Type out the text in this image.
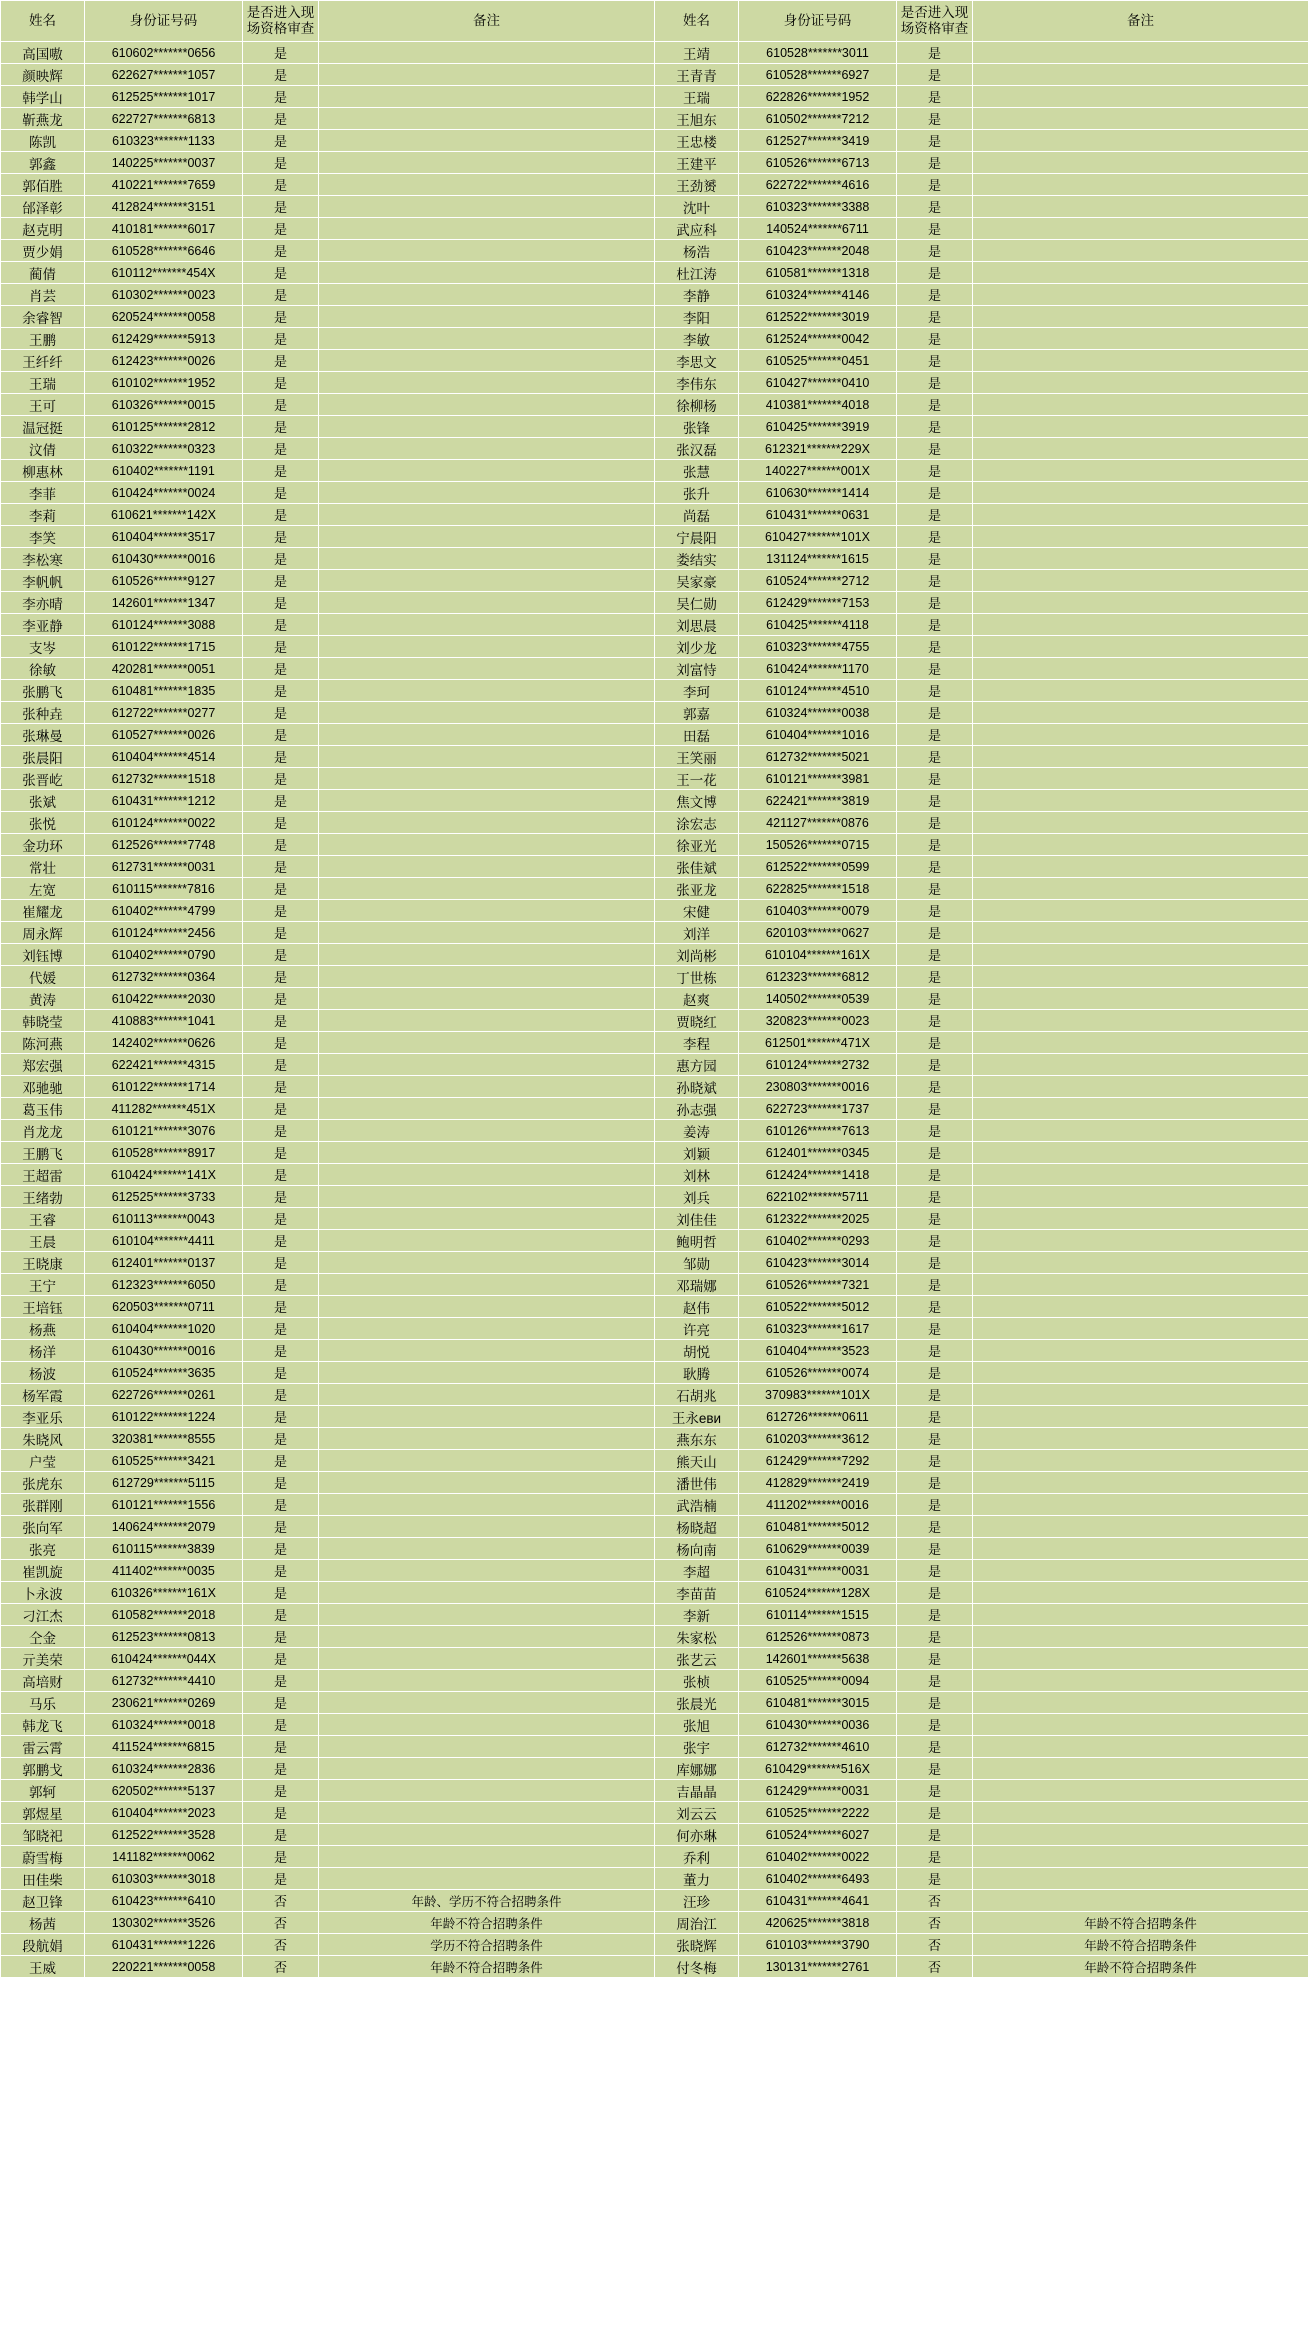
姓名	身份证号码	是否进入现场资格审查	备注	姓名	身份证号码	是否进入现场资格审查	备注
高国嗷	610602*******0656	是		王靖	610528*******3011	是	
颜映辉	622627*******1057	是		王青青	610528*******6927	是	
韩学山	612525*******1017	是		王瑞	622826*******1952	是	
靳燕龙	622727*******6813	是		王旭东	610502*******7212	是	
陈凯	610323*******1133	是		王忠楼	612527*******3419	是	
郭鑫	140225*******0037	是		王建平	610526*******6713	是	
郭佰胜	410221*******7659	是		王劲赟	622722*******4616	是	
邰泽彰	412824*******3151	是		沈叶	610323*******3388	是	
赵克明	410181*******6017	是		武应科	140524*******6711	是	
贾少娟	610528*******6646	是		杨浩	610423*******2048	是	
蔺倩	610112*******454X	是		杜江涛	610581*******1318	是	
肖芸	610302*******0023	是		李静	610324*******4146	是	
余睿智	620524*******0058	是		李阳	612522*******3019	是	
王鹏	612429*******5913	是		李敏	612524*******0042	是	
王纤纤	612423*******0026	是		李思文	610525*******0451	是	
王瑞	610102*******1952	是		李伟东	610427*******0410	是	
王可	610326*******0015	是		徐柳杨	410381*******4018	是	
温冠挺	610125*******2812	是		张锋	610425*******3919	是	
汶倩	610322*******0323	是		张汉磊	612321*******229X	是	
柳惠林	610402*******1191	是		张慧	140227*******001X	是	
李菲	610424*******0024	是		张升	610630*******1414	是	
李莉	610621*******142X	是		尚磊	610431*******0631	是	
李笑	610404*******3517	是		宁晨阳	610427*******101X	是	
李松寒	610430*******0016	是		娄结实	131124*******1615	是	
李帆帆	610526*******9127	是		吴家豪	610524*******2712	是	
李亦晴	142601*******1347	是		吴仁勋	612429*******7153	是	
李亚静	610124*******3088	是		刘思晨	610425*******4118	是	
支岑	610122*******1715	是		刘少龙	610323*******4755	是	
徐敏	420281*******0051	是		刘富恃	610424*******1170	是	
张鹏飞	610481*******1835	是		李珂	610124*******4510	是	
张种垚	612722*******0277	是		郭嘉	610324*******0038	是	
张琳曼	610527*******0026	是		田磊	610404*******1016	是	
张晨阳	610404*******4514	是		王笑丽	612732*******5021	是	
张晋屹	612732*******1518	是		王一花	610121*******3981	是	
张斌	610431*******1212	是		焦文博	622421*******3819	是	
张悦	610124*******0022	是		涂宏志	421127*******0876	是	
金功环	612526*******7748	是		徐亚光	150526*******0715	是	
常壮	612731*******0031	是		张佳斌	612522*******0599	是	
左宽	610115*******7816	是		张亚龙	622825*******1518	是	
崔耀龙	610402*******4799	是		宋健	610403*******0079	是	
周永辉	610124*******2456	是		刘洋	620103*******0627	是	
刘钰博	610402*******0790	是		刘尚彬	610104*******161X	是	
代媛	612732*******0364	是		丁世栋	612323*******6812	是	
黄涛	610422*******2030	是		赵爽	140502*******0539	是	
韩晓莹	410883*******1041	是		贾晓红	320823*******0023	是	
陈河燕	142402*******0626	是		李程	612501*******471X	是	
郑宏强	622421*******4315	是		惠方园	610124*******2732	是	
邓驰驰	610122*******1714	是		孙晓斌	230803*******0016	是	
葛玉伟	411282*******451X	是		孙志强	622723*******1737	是	
肖龙龙	610121*******3076	是		姜涛	610126*******7613	是	
王鹏飞	610528*******8917	是		刘颖	612401*******0345	是	
王超雷	610424*******141X	是		刘林	612424*******1418	是	
王绪勃	612525*******3733	是		刘兵	622102*******5711	是	
王睿	610113*******0043	是		刘佳佳	612322*******2025	是	
王晨	610104*******4411	是		鲍明哲	610402*******0293	是	
王晓康	612401*******0137	是		邹勋	610423*******3014	是	
王宁	612323*******6050	是		邓瑞娜	610526*******7321	是	
王培钰	620503*******0711	是		赵伟	610522*******5012	是	
杨燕	610404*******1020	是		许亮	610323*******1617	是	
杨洋	610430*******0016	是		胡悦	610404*******3523	是	
杨波	610524*******3635	是		耿腾	610526*******0074	是	
杨军霞	622726*******0261	是		石胡兆	370983*******101X	是	
李亚乐	610122*******1224	是		王永еви	612726*******0611	是	
朱晓风	320381*******8555	是		燕东东	610203*******3612	是	
户莹	610525*******3421	是		熊天山	612429*******7292	是	
张虎东	612729*******5115	是		潘世伟	412829*******2419	是	
张群刚	610121*******1556	是		武浩楠	411202*******0016	是	
张向军	140624*******2079	是		杨晓超	610481*******5012	是	
张亮	610115*******3839	是		杨向南	610629*******0039	是	
崔凯旋	411402*******0035	是		李超	610431*******0031	是	
卜永波	610326*******161X	是		李苗苗	610524*******128X	是	
刁江杰	610582*******2018	是		李新	610114*******1515	是	
仝金	612523*******0813	是		朱家松	612526*******0873	是	
亓美荣	610424*******044X	是		张艺云	142601*******5638	是	
高培财	612732*******4410	是		张桢	610525*******0094	是	
马乐	230621*******0269	是		张晨光	610481*******3015	是	
韩龙飞	610324*******0018	是		张旭	610430*******0036	是	
雷云霄	411524*******6815	是		张宇	612732*******4610	是	
郭鹏戈	610324*******2836	是		库娜娜	610429*******516X	是	
郭轲	620502*******5137	是		吉晶晶	612429*******0031	是	
郭煜星	610404*******2023	是		刘云云	610525*******2222	是	
邹晓祀	612522*******3528	是		何亦琳	610524*******6027	是	
蔚雪梅	141182*******0062	是		乔利	610402*******0022	是	
田佳柴	610303*******3018	是		董力	610402*******6493	是	
赵卫锋	610423*******6410	否	年龄、学历不符合招聘条件	汪珍	610431*******4641	否	
杨茜	130302*******3526	否	年龄不符合招聘条件	周治江	420625*******3818	否	年龄不符合招聘条件
段航娟	610431*******1226	否	学历不符合招聘条件	张晓辉	610103*******3790	否	年龄不符合招聘条件
王威	220221*******0058	否	年龄不符合招聘条件	付冬梅	130131*******2761	否	年龄不符合招聘条件
